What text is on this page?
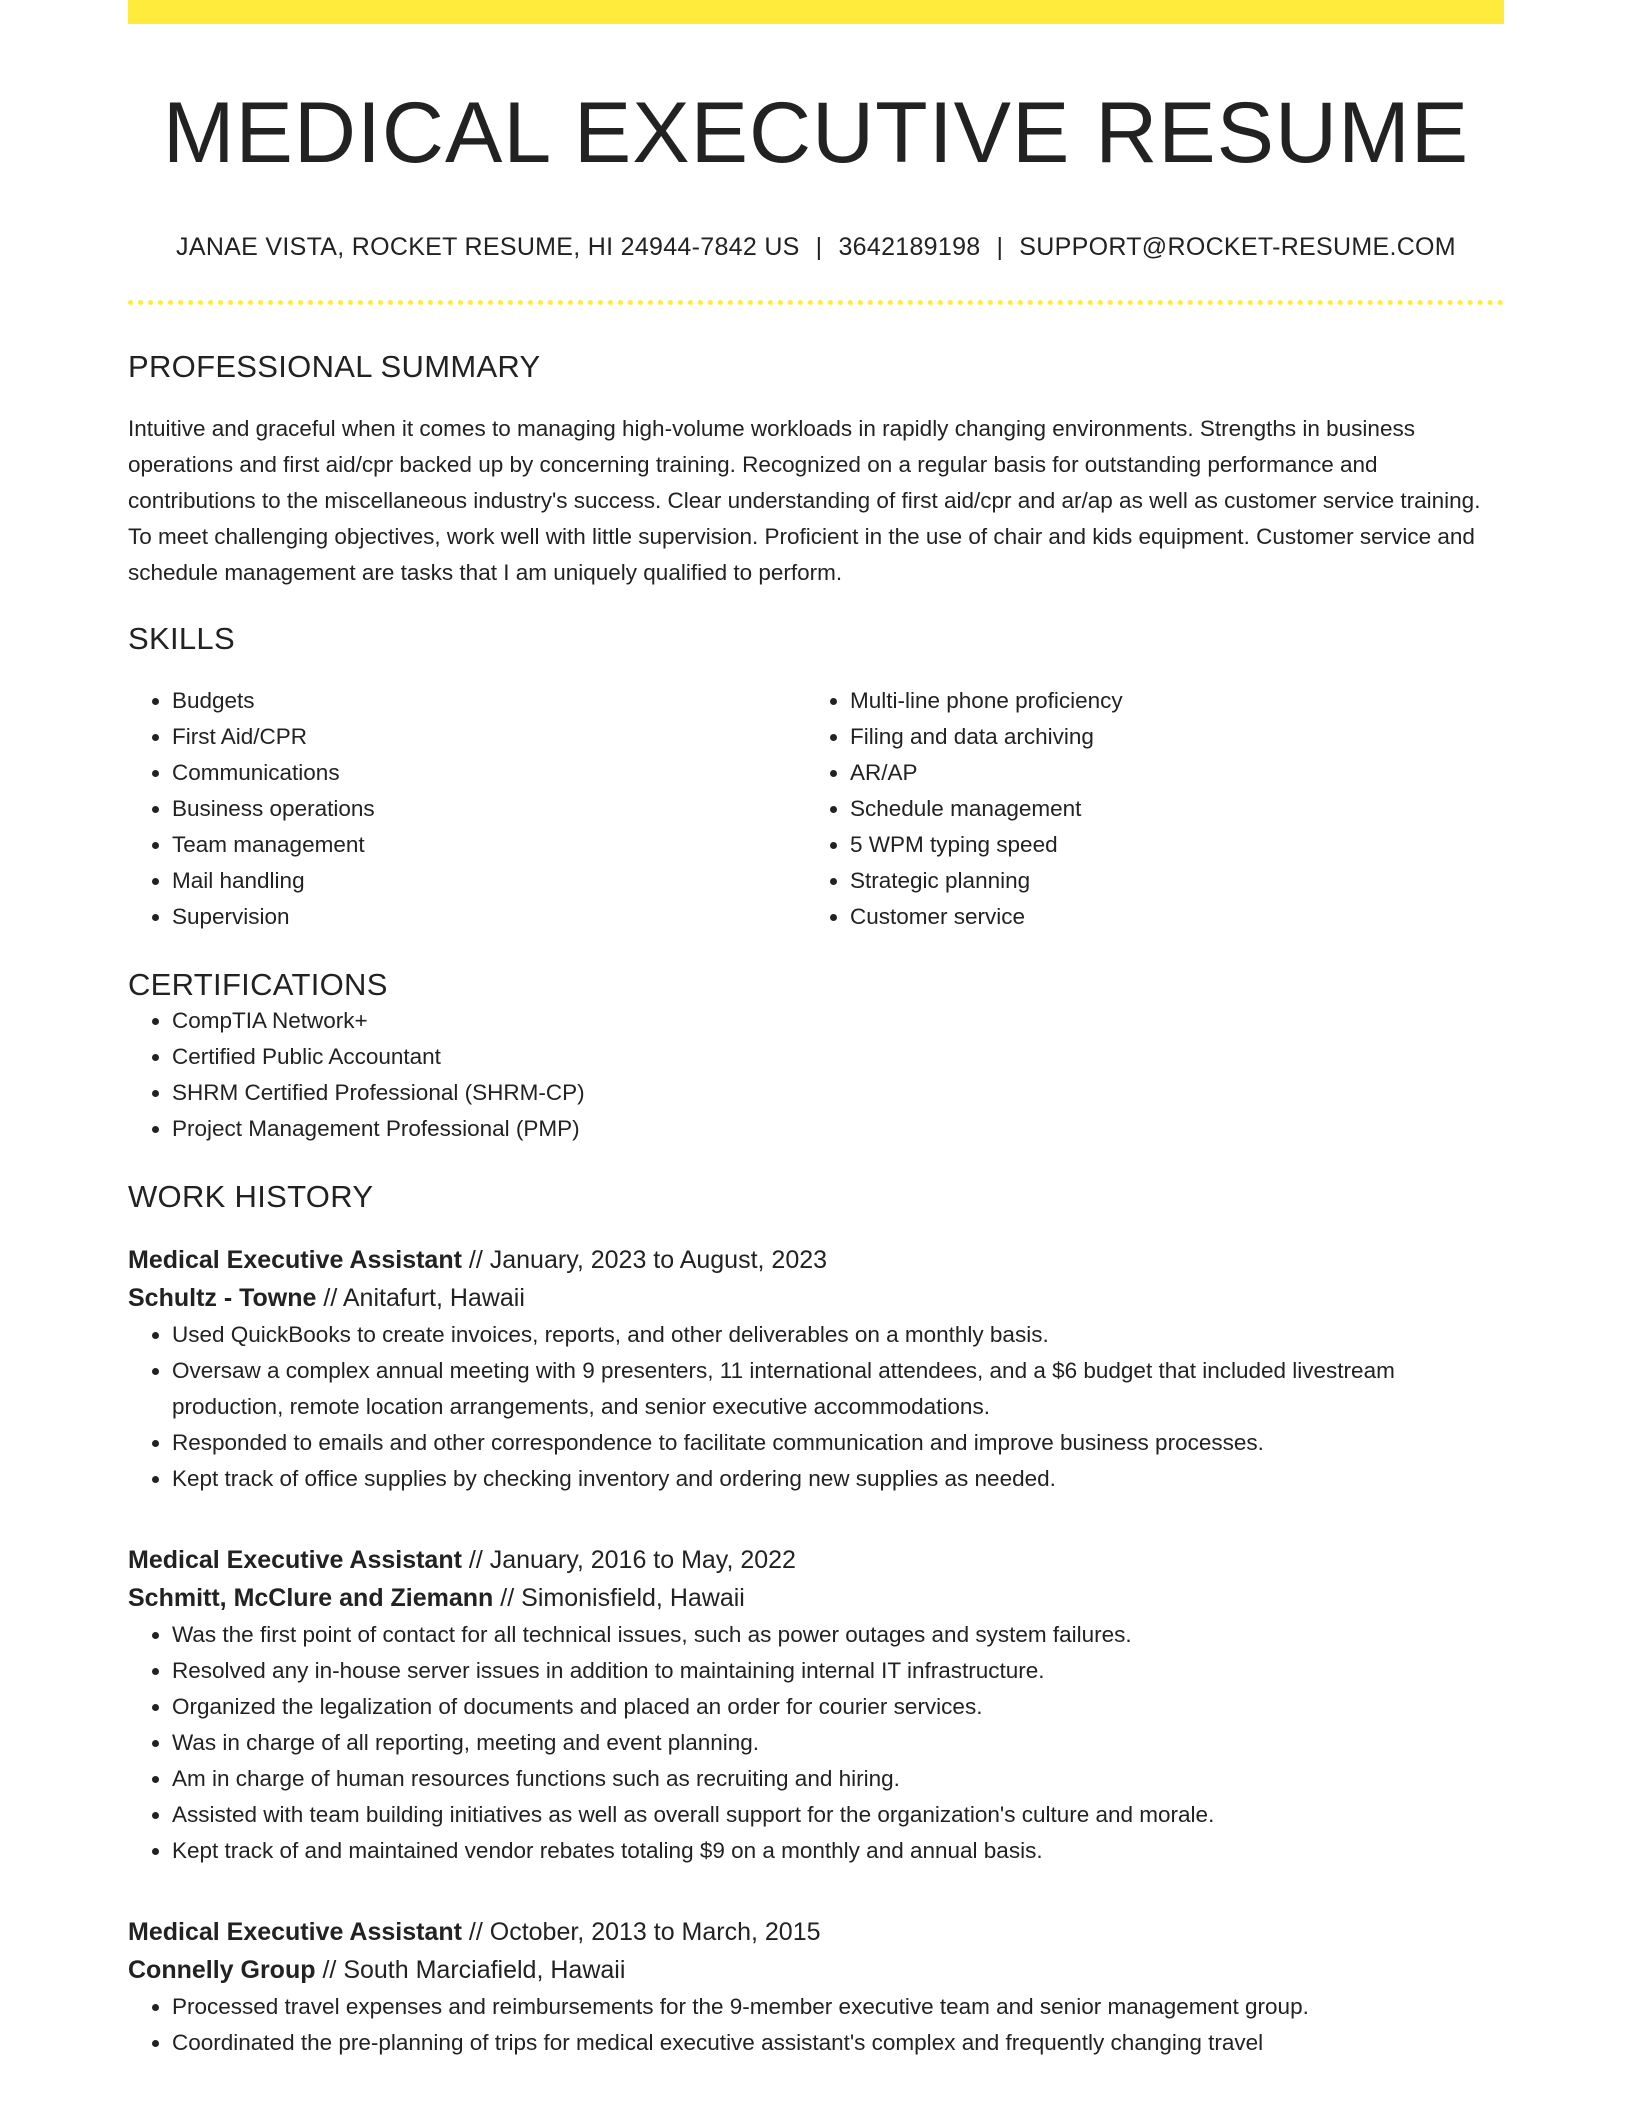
MEDICAL EXECUTIVE RESUME
JANAE VISTA, ROCKET RESUME, HI 24944-7842 US | 3642189198 | SUPPORT@ROCKET-RESUME.COM
PROFESSIONAL SUMMARY

Intuitive and graceful when it comes to managing high-volume workloads in rapidly changing environments. Strengths in business operations and first aid/cpr backed up by concerning training. Recognized on a regular basis for outstanding performance and contributions to the miscellaneous industry's success. Clear understanding of first aid/cpr and ar/ap as well as customer service training. To meet challenging objectives, work well with little supervision. Proficient in the use of chair and kids equipment. Customer service and schedule management are tasks that I am uniquely qualified to perform.

SKILLS
• Budgets
• First Aid/CPR
• Communications
• Business operations
• Team management
• Mail handling
• Supervision
• Multi-line phone proficiency
• Filing and data archiving
• AR/AP
• Schedule management
• 5 WPM typing speed
• Strategic planning
• Customer service
CERTIFICATIONS
• CompTIA Network+
• Certified Public Accountant
• SHRM Certified Professional (SHRM-CP)
• Project Management Professional (PMP)
WORK HISTORY
Medical Executive Assistant // January, 2023 to August, 2023
Schultz - Towne // Anitafurt, Hawaii
• Used QuickBooks to create invoices, reports, and other deliverables on a monthly basis.
• Oversaw a complex annual meeting with 9 presenters, 11 international attendees, and a $6 budget that included livestream production, remote location arrangements, and senior executive accommodations.
• Responded to emails and other correspondence to facilitate communication and improve business processes.
• Kept track of office supplies by checking inventory and ordering new supplies as needed.
Medical Executive Assistant // January, 2016 to May, 2022
Schmitt, McClure and Ziemann // Simonisfield, Hawaii
• Was the first point of contact for all technical issues, such as power outages and system failures.
• Resolved any in-house server issues in addition to maintaining internal IT infrastructure.
• Organized the legalization of documents and placed an order for courier services.
• Was in charge of all reporting, meeting and event planning.
• Am in charge of human resources functions such as recruiting and hiring.
• Assisted with team building initiatives as well as overall support for the organization's culture and morale.
• Kept track of and maintained vendor rebates totaling $9 on a monthly and annual basis.
Medical Executive Assistant // October, 2013 to March, 2015
Connelly Group // South Marciafield, Hawaii
• Processed travel expenses and reimbursements for the 9-member executive team and senior management group.
• Coordinated the pre-planning of trips for medical executive assistant's complex and frequently changing travel
